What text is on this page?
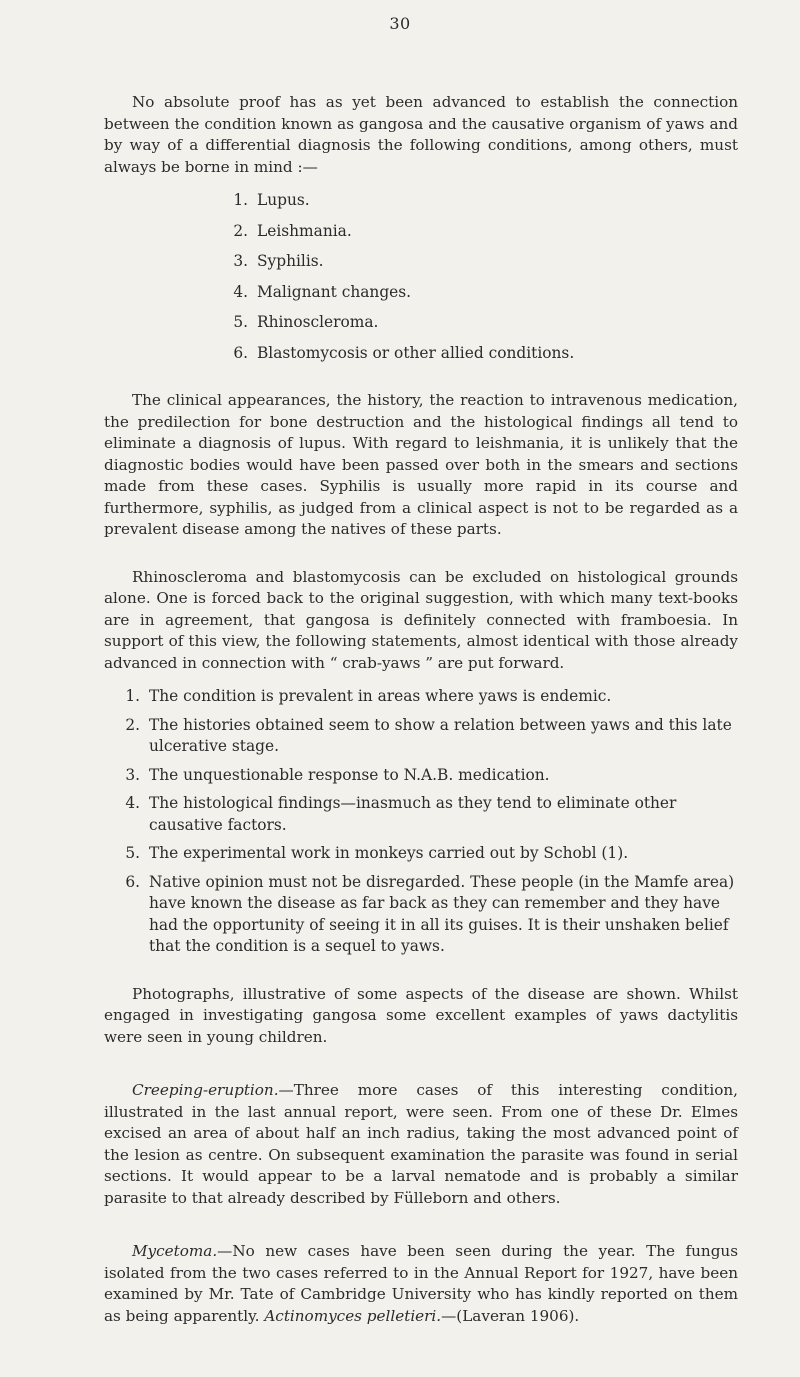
30

No absolute proof has as yet been advanced to establish the connection between the condition known as gangosa and the causative organism of yaws and by way of a differential diagnosis the following conditions, among others, must always be borne in mind :—

1. Lupus.
2. Leishmania.
3. Syphilis.
4. Malignant changes.
5. Rhinoscleroma.
6. Blastomycosis or other allied conditions.

The clinical appearances, the history, the reaction to intravenous medication, the predilection for bone destruction and the histological findings all tend to eliminate a diagnosis of lupus. With regard to leishmania, it is unlikely that the diagnostic bodies would have been passed over both in the smears and sections made from these cases. Syphilis is usually more rapid in its course and furthermore, syphilis, as judged from a clinical aspect is not to be regarded as a prevalent disease among the natives of these parts.

Rhinoscleroma and blastomycosis can be excluded on histological grounds alone. One is forced back to the original suggestion, with which many text-books are in agreement, that gangosa is definitely connected with framboesia. In support of this view, the following statements, almost identical with those already advanced in connection with “ crab-yaws ” are put forward.

1. The condition is prevalent in areas where yaws is endemic.
2. The histories obtained seem to show a relation between yaws and this late ulcerative stage.
3. The unquestionable response to N.A.B. medication.
4. The histological findings—inasmuch as they tend to eliminate other causative factors.
5. The experimental work in monkeys carried out by Schobl (1).
6. Native opinion must not be disregarded. These people (in the Mamfe area) have known the disease as far back as they can remember and they have had the opportunity of seeing it in all its guises. It is their unshaken belief that the condition is a sequel to yaws.

Photographs, illustrative of some aspects of the disease are shown. Whilst engaged in investigating gangosa some excellent examples of yaws dactylitis were seen in young children.

Creeping-eruption.—Three more cases of this interesting condition, illustrated in the last annual report, were seen. From one of these Dr. Elmes excised an area of about half an inch radius, taking the most advanced point of the lesion as centre. On subsequent examination the parasite was found in serial sections. It would appear to be a larval nematode and is probably a similar parasite to that already described by Fülleborn and others.

Mycetoma.—No new cases have been seen during the year. The fungus isolated from the two cases referred to in the Annual Report for 1927, have been examined by Mr. Tate of Cambridge University who has kindly reported on them as being apparently. Actinomyces pelletieri.—(Laveran 1906).
